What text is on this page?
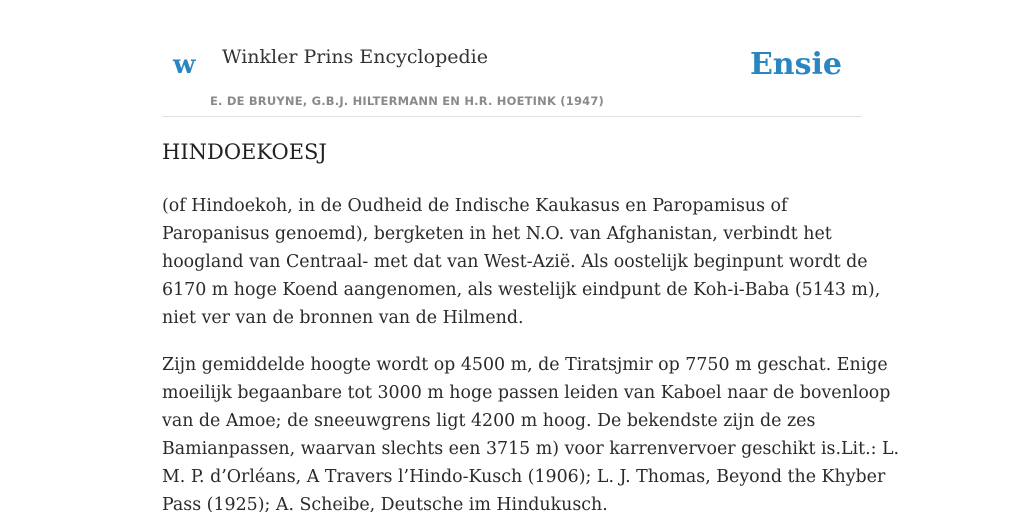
w Winkler Prins Encyclopedie
E. DE BRUYNE, G.B.J. HILTERMANN EN H.R. HOETINK (1947)
Ensie
HINDOEKOESJ

(of Hindoekoh, in de Oudheid de Indische Kaukasus en Paropamisus of
Paropanisus genoemd), bergketen in het N.O. van Afghanistan, verbindt het
hoogland van Centraal- met dat van West-Azië. Als oostelijk beginpunt wordt de
6170 m hoge Koend aangenomen, als westelijk eindpunt de Koh-i-Baba (5143 m),
niet ver van de bronnen van de Hilmend.

Zijn gemiddelde hoogte wordt op 4500 m, de Tiratsjmir op 7750 m geschat. Enige
moeilijk begaanbare tot 3000 m hoge passen leiden van Kaboel naar de bovenloop
van de Amoe; de sneeuwgrens ligt 4200 m hoog. De bekendste zijn de zes
Bamianpassen, waarvan slechts een 3715 m) voor karrenvervoer geschikt is.Lit.: L.
M. P. d’Orléans, A Travers l’Hindo-Kusch (1906); L. J. Thomas, Beyond the Khyber
Pass (1925); A. Scheibe, Deutsche im Hindukusch.
